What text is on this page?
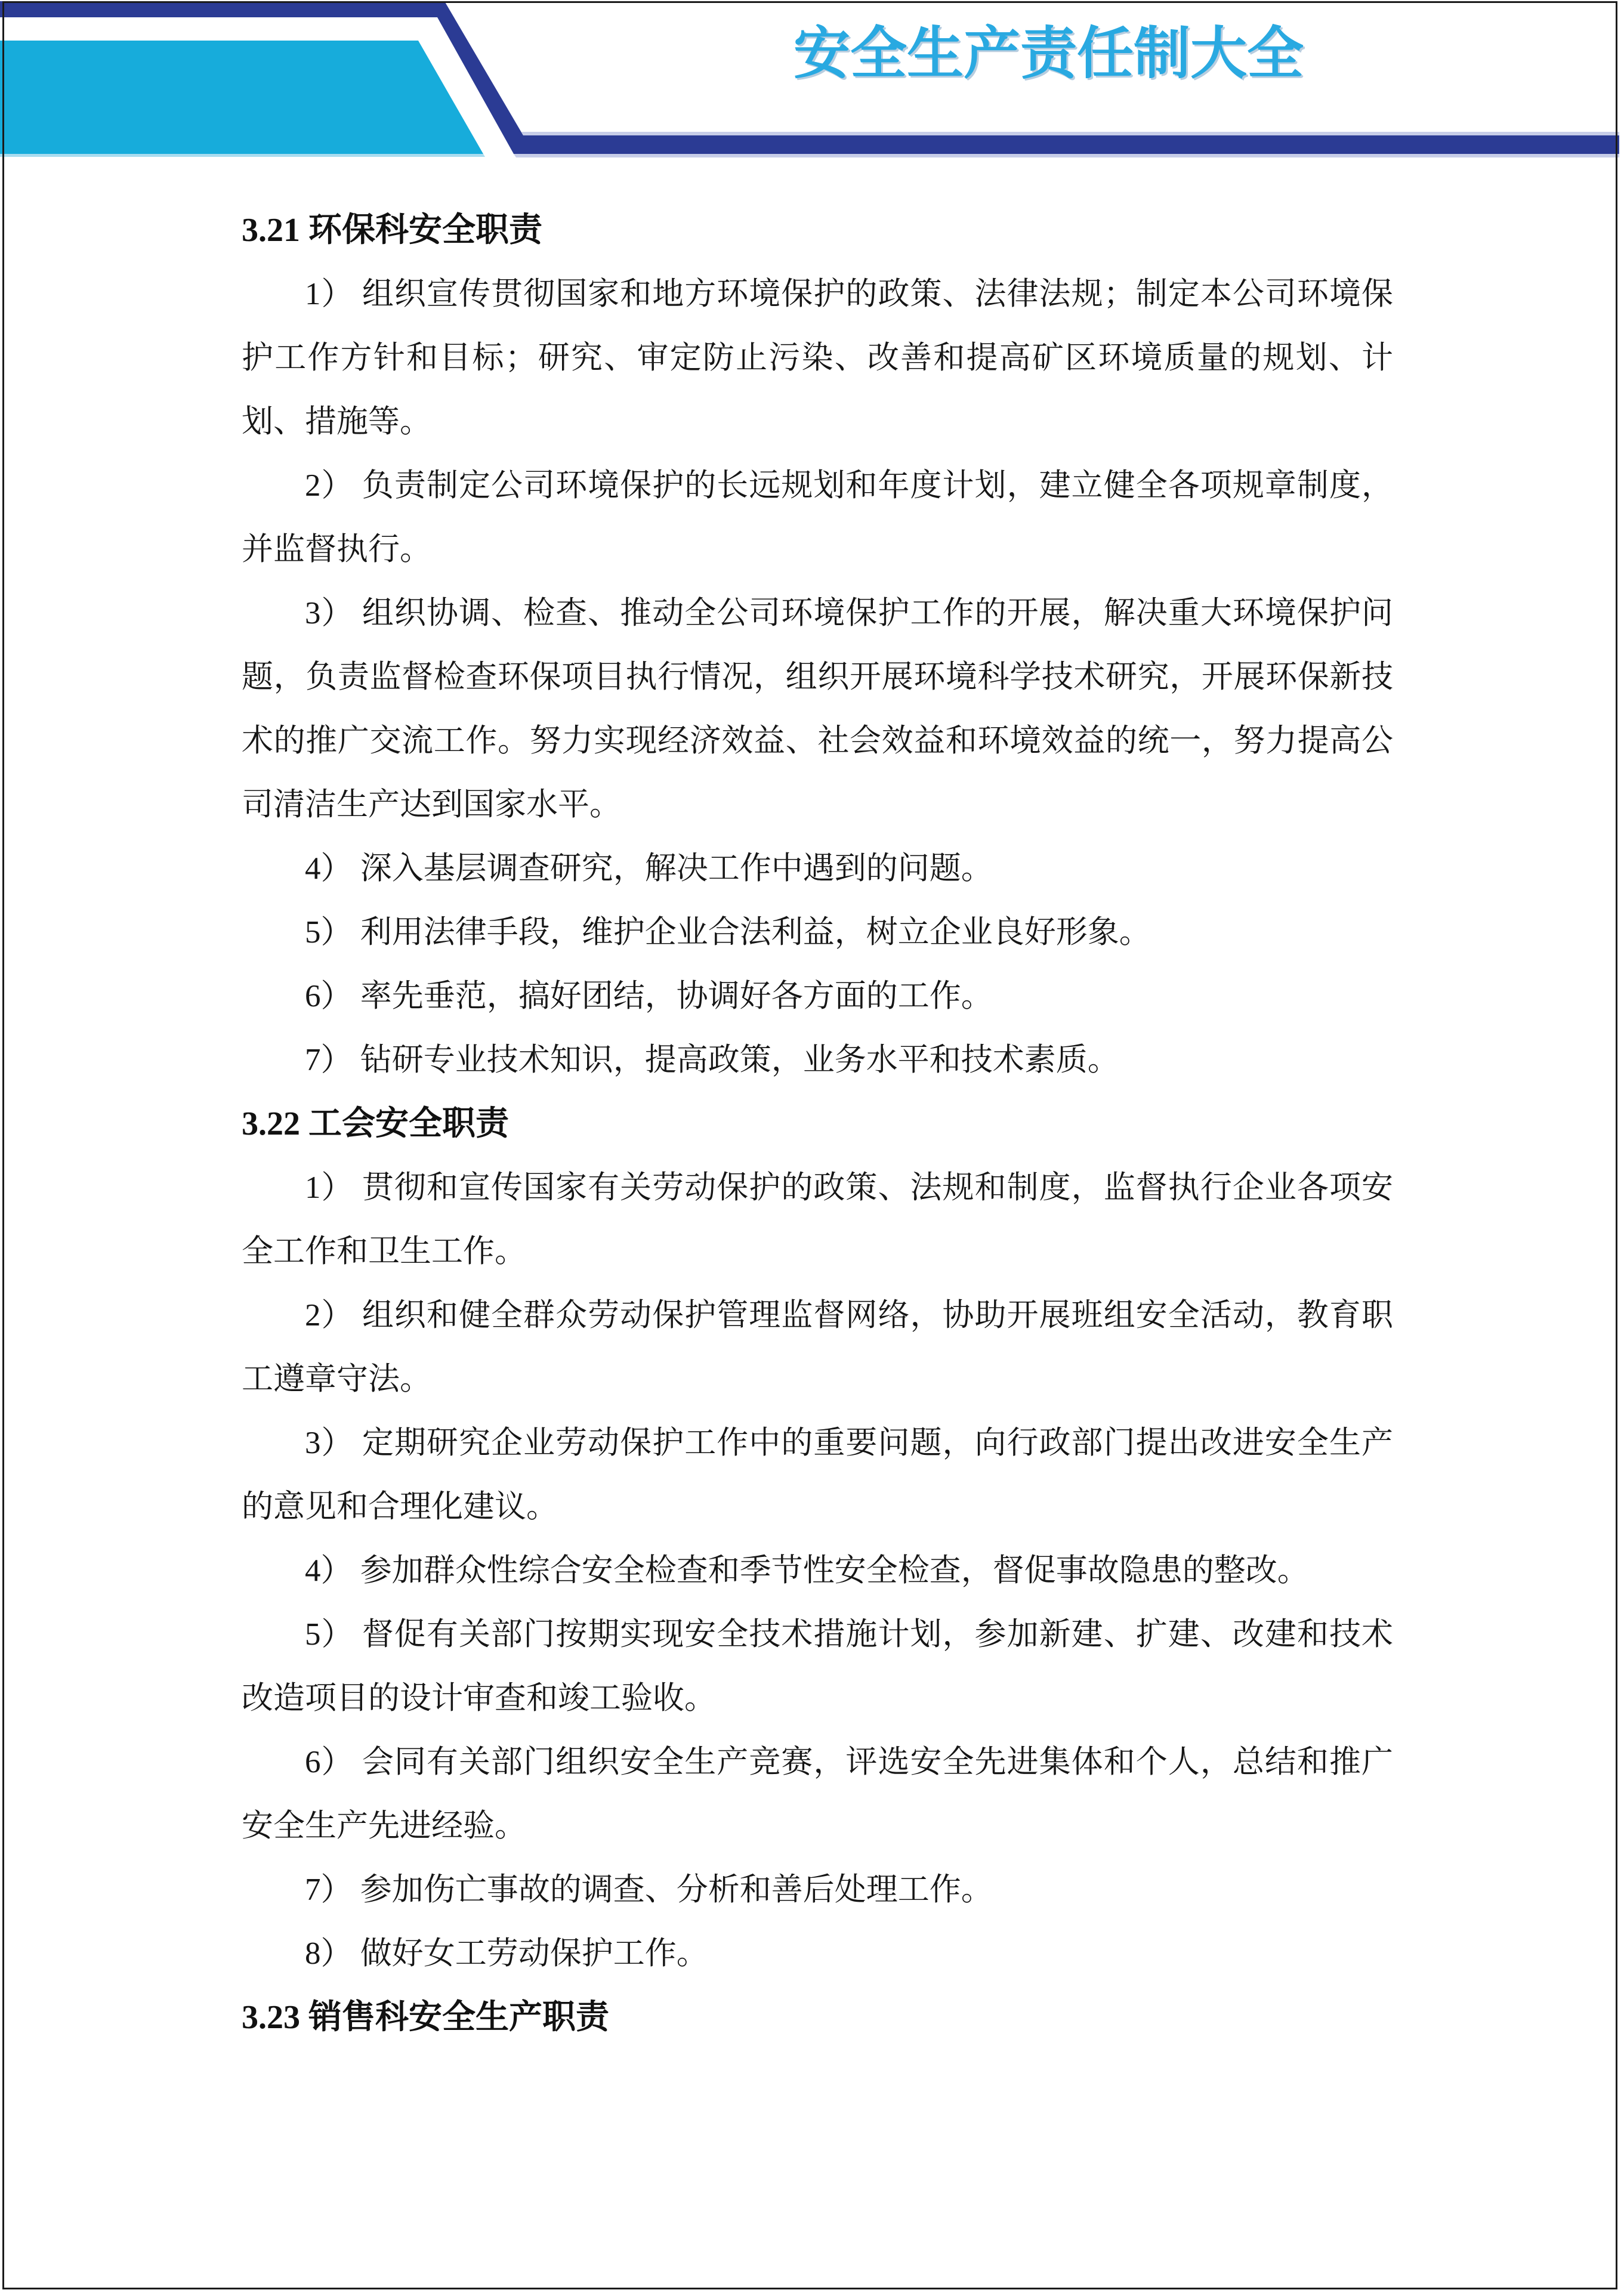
安全生产责任制大全
3.21 环保科安全职责

1） 组织宣传贯彻国家和地方环境保护的政策、法律法规；制定本公司环境保护工作方针和目标；研究、审定防止污染、改善和提高矿区环境质量的规划、计划、措施等。

2） 负责制定公司环境保护的长远规划和年度计划，建立健全各项规章制度，并监督执行。

3） 组织协调、检查、推动全公司环境保护工作的开展，解决重大环境保护问题，负责监督检查环保项目执行情况，组织开展环境科学技术研究，开展环保新技术的推广交流工作。努力实现经济效益、社会效益和环境效益的统一，努力提高公司清洁生产达到国家水平。

4） 深入基层调查研究，解决工作中遇到的问题。

5） 利用法律手段，维护企业合法利益，树立企业良好形象。

6） 率先垂范，搞好团结，协调好各方面的工作。

7） 钻研专业技术知识，提高政策，业务水平和技术素质。

3.22 工会安全职责

1） 贯彻和宣传国家有关劳动保护的政策、法规和制度，监督执行企业各项安全工作和卫生工作。

2） 组织和健全群众劳动保护管理监督网络，协助开展班组安全活动，教育职工遵章守法。

3） 定期研究企业劳动保护工作中的重要问题，向行政部门提出改进安全生产的意见和合理化建议。

4） 参加群众性综合安全检查和季节性安全检查，督促事故隐患的整改。

5） 督促有关部门按期实现安全技术措施计划，参加新建、扩建、改建和技术改造项目的设计审查和竣工验收。

6） 会同有关部门组织安全生产竞赛，评选安全先进集体和个人，总结和推广安全生产先进经验。

7） 参加伤亡事故的调查、分析和善后处理工作。

8） 做好女工劳动保护工作。

3.23 销售科安全生产职责
